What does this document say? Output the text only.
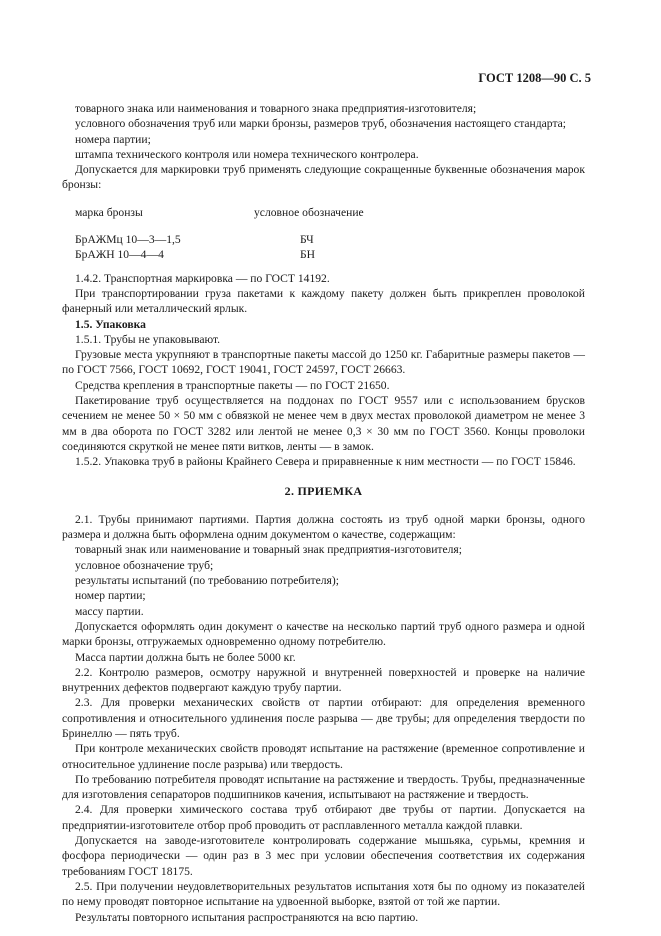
ГОСТ 1208—90 С. 5

товарного знака или наименования и товарного знака предприятия-изготовителя;

условного обозначения труб или марки бронзы, размеров труб, обозначения настоящего стандарта;

номера партии;

штампа технического контроля или номера технического контролера.

Допускается для маркировки труб применять следующие сокращенные буквенные обозначения марок бронзы:

марка бронзы	условное обозначение
БрАЖМц 10—3—1,5	БЧ
БрАЖН 10—4—4	БН

1.4.2. Транспортная маркировка — по ГОСТ 14192.

При транспортировании груза пакетами к каждому пакету должен быть прикреплен проволокой фанерный или металлический ярлык.

1.5. Упаковка

1.5.1. Трубы не упаковывают.

Грузовые места укрупняют в транспортные пакеты массой до 1250 кг. Габаритные размеры пакетов — по ГОСТ 7566, ГОСТ 10692, ГОСТ 19041, ГОСТ 24597, ГОСТ 26663.

Средства крепления в транспортные пакеты — по ГОСТ 21650.

Пакетирование труб осуществляется на поддонах по ГОСТ 9557 или с использованием брусков сечением не менее 50 × 50 мм с обвязкой не менее чем в двух местах проволокой диаметром не менее 3 мм в два оборота по ГОСТ 3282 или лентой не менее 0,3 × 30 мм по ГОСТ 3560. Концы проволоки соединяются скруткой не менее пяти витков, ленты — в замок.

1.5.2. Упаковка труб в районы Крайнего Севера и приравненные к ним местности — по ГОСТ 15846.

2. ПРИЕМКА

2.1. Трубы принимают партиями. Партия должна состоять из труб одной марки бронзы, одного размера и должна быть оформлена одним документом о качестве, содержащим:

товарный знак или наименование и товарный знак предприятия-изготовителя;

условное обозначение труб;

результаты испытаний (по требованию потребителя);

номер партии;

массу партии.

Допускается оформлять один документ о качестве на несколько партий труб одного размера и одной марки бронзы, отгружаемых одновременно одному потребителю.

Масса партии должна быть не более 5000 кг.

2.2. Контролю размеров, осмотру наружной и внутренней поверхностей и проверке на наличие внутренних дефектов подвергают каждую трубу партии.

2.3. Для проверки механических свойств от партии отбирают: для определения временного сопротивления и относительного удлинения после разрыва — две трубы; для определения твердости по Бринеллю — пять труб.

При контроле механических свойств проводят испытание на растяжение (временное сопротивление и относительное удлинение после разрыва) или твердость.

По требованию потребителя проводят испытание на растяжение и твердость. Трубы, предназначенные для изготовления сепараторов подшипников качения, испытывают на растяжение и твердость.

2.4. Для проверки химического состава труб отбирают две трубы от партии. Допускается на предприятии-изготовителе отбор проб проводить от расплавленного металла каждой плавки.

Допускается на заводе-изготовителе контролировать содержание мышьяка, сурьмы, кремния и фосфора периодически — один раз в 3 мес при условии обеспечения соответствия их содержания требованиям ГОСТ 18175.

2.5. При получении неудовлетворительных результатов испытания хотя бы по одному из показателей по нему проводят повторное испытание на удвоенной выборке, взятой от той же партии.

Результаты повторного испытания распространяются на всю партию.
